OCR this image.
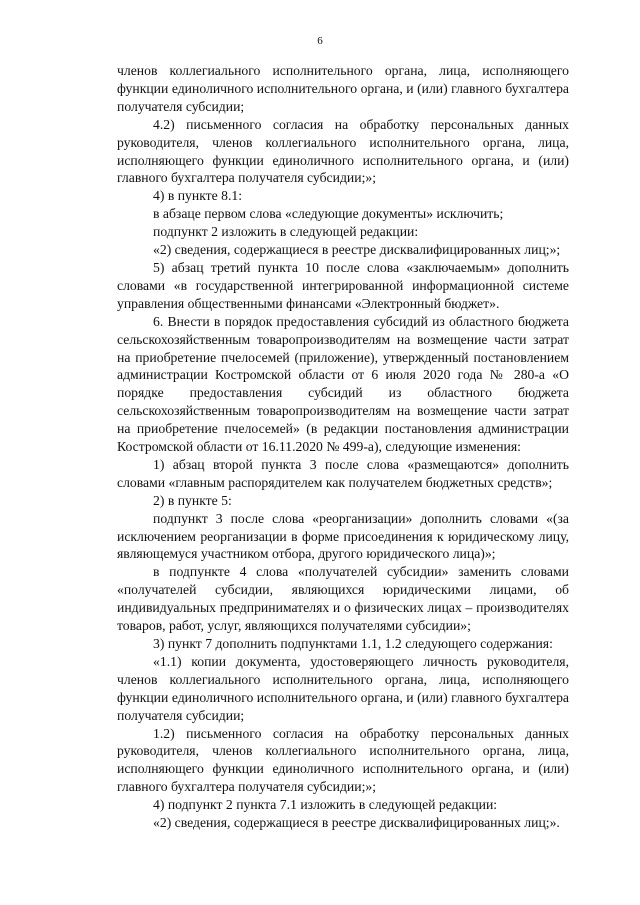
6

членов коллегиального исполнительного органа, лица, исполняющего функции единоличного исполнительного органа, и (или) главного бухгалтера получателя субсидии;

4.2) письменного согласия на обработку персональных данных руководителя, членов коллегиального исполнительного органа, лица, исполняющего функции единоличного исполнительного органа, и (или) главного бухгалтера получателя субсидии;»;

4) в пункте 8.1:

в абзаце первом слова «следующие документы» исключить;

подпункт 2 изложить в следующей редакции:

«2) сведения, содержащиеся в реестре дисквалифицированных лиц;»;

5) абзац третий пункта 10 после слова «заключаемым» дополнить словами «в государственной интегрированной информационной системе управления общественными финансами «Электронный бюджет».

6. Внести в порядок предоставления субсидий из областного бюджета сельскохозяйственным товаропроизводителям на возмещение части затрат на приобретение пчелосемей (приложение), утвержденный постановлением администрации Костромской области от 6 июля 2020 года № 280-а «О порядке предоставления субсидий из областного бюджета сельскохозяйственным товаропроизводителям на возмещение части затрат на приобретение пчелосемей» (в редакции постановления администрации Костромской области от 16.11.2020 № 499-а), следующие изменения:

1) абзац второй пункта 3 после слова «размещаются» дополнить словами «главным распорядителем как получателем бюджетных средств»;

2) в пункте 5:

подпункт 3 после слова «реорганизации» дополнить словами «(за исключением реорганизации в форме присоединения к юридическому лицу, являющемуся участником отбора, другого юридического лица)»;

в подпункте 4 слова «получателей субсидии» заменить словами «получателей субсидии, являющихся юридическими лицами, об индивидуальных предпринимателях и о физических лицах – производителях товаров, работ, услуг, являющихся получателями субсидии»;

3) пункт 7 дополнить подпунктами 1.1, 1.2 следующего содержания:

«1.1) копии документа, удостоверяющего личность руководителя, членов коллегиального исполнительного органа, лица, исполняющего функции единоличного исполнительного органа, и (или) главного бухгалтера получателя субсидии;

1.2) письменного согласия на обработку персональных данных руководителя, членов коллегиального исполнительного органа, лица, исполняющего функции единоличного исполнительного органа, и (или) главного бухгалтера получателя субсидии;»;

4) подпункт 2 пункта 7.1 изложить в следующей редакции:

«2) сведения, содержащиеся в реестре дисквалифицированных лиц;».
